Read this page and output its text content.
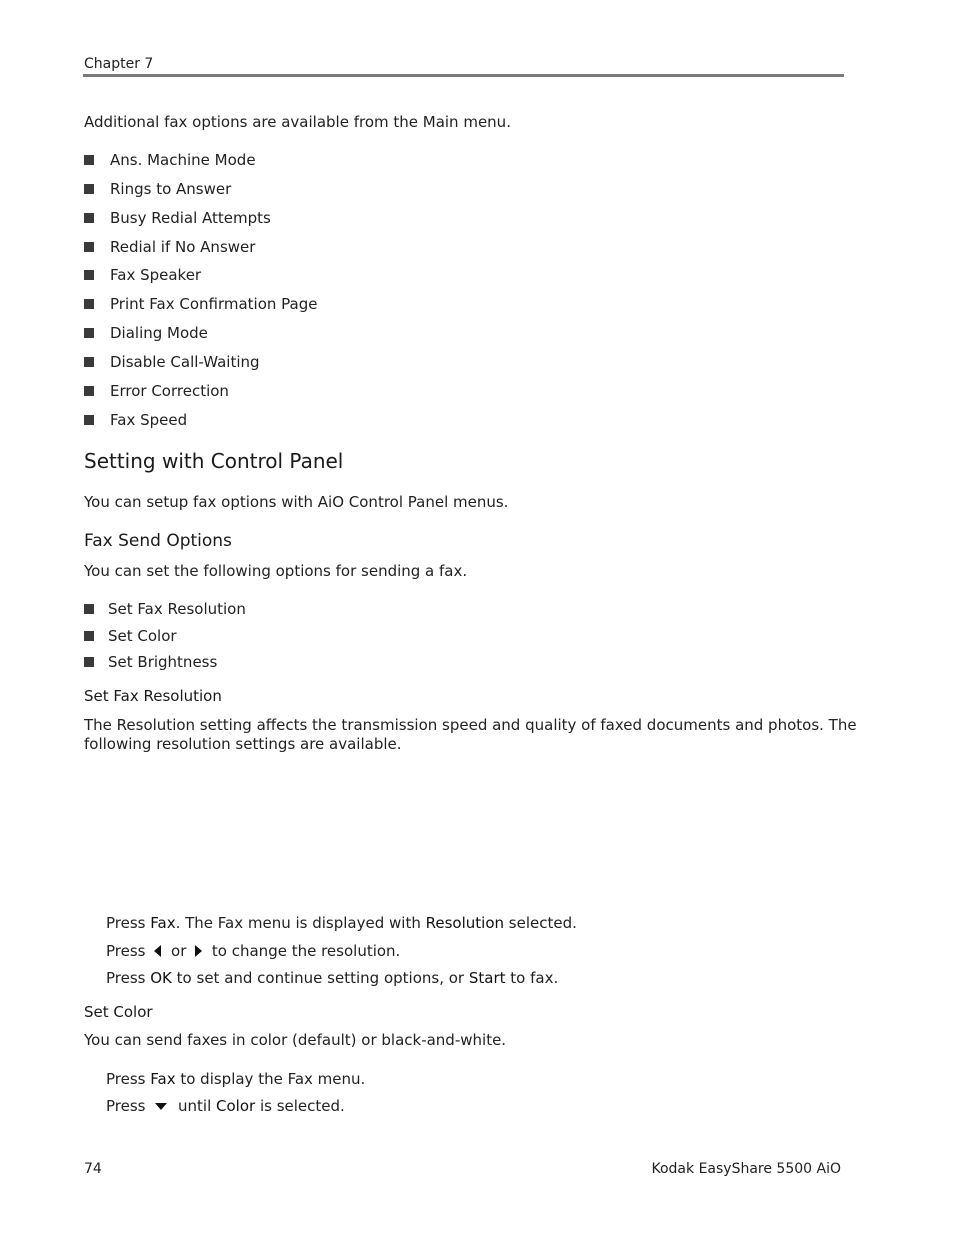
Chapter 7
Additional fax options are available from the Main menu.
Ans. Machine Mode
Rings to Answer
Busy Redial Attempts
Redial if No Answer
Fax Speaker
Print Fax Confirmation Page
Dialing Mode
Disable Call-Waiting
Error Correction
Fax Speed
Setting with Control Panel
You can setup fax options with AiO Control Panel menus.
Fax Send Options
You can set the following options for sending a fax.
Set Fax Resolution
Set Color
Set Brightness
Set Fax Resolution
The Resolution setting affects the transmission speed and quality of faxed documents and photos. The
following resolution settings are available.
Press Fax. The Fax menu is displayed with Resolution selected.
Press  or  to change the resolution.
Press OK to set and continue setting options, or Start to fax.
Set Color
You can send faxes in color (default) or black-and-white.
Press Fax to display the Fax menu.
Press  until Color is selected.
74	Kodak EasyShare 5500 AiO
